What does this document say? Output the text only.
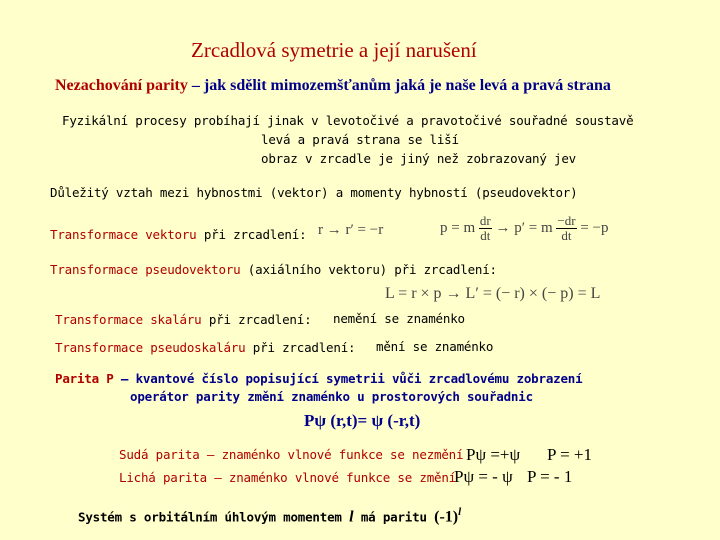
Zrcadlová symetrie a její narušení
Nezachování parity – jak sdělit mimozemšťanům jaká je naše levá a pravá strana
Fyzikální procesy probíhají jinak v levotočivé a pravotočivé souřadné soustavě
levá a pravá strana se liší
obraz v zrcadle je jiný než zobrazovaný jev
Důležitý vztah mezi hybnostmi (vektor) a momenty hybností (pseudovektor)
Transformace vektoru při zrcadlení: r → r′ = −r	p = m $\frac{dr}{dt} \to p' = m \frac{-dr}{dt} = -p$
Transformace pseudovektoru (axiálního vektoru) při zrcadlení:
L = r × p → L′ = (− r) × (− p) = L
Transformace skaláru při zrcadlení: nemění se znaménko
Transformace pseudoskaláru při zrcadlení: mění se znaménko
Parita P – kvantové číslo popisující symetrii vůči zrcadlovému zobrazení
operátor parity změní znaménko u prostorových souřadnic
Pψ (r,t)= ψ (-r,t)
Sudá parita – znaménko vlnové funkce se nezmění Pψ =+ψ P = +1
Lichá parita – znaménko vlnové funkce se změní
Pψ = - ψ P = - 1
Systém s orbitálním úhlovým momentem l má paritu $(-1)^l$
